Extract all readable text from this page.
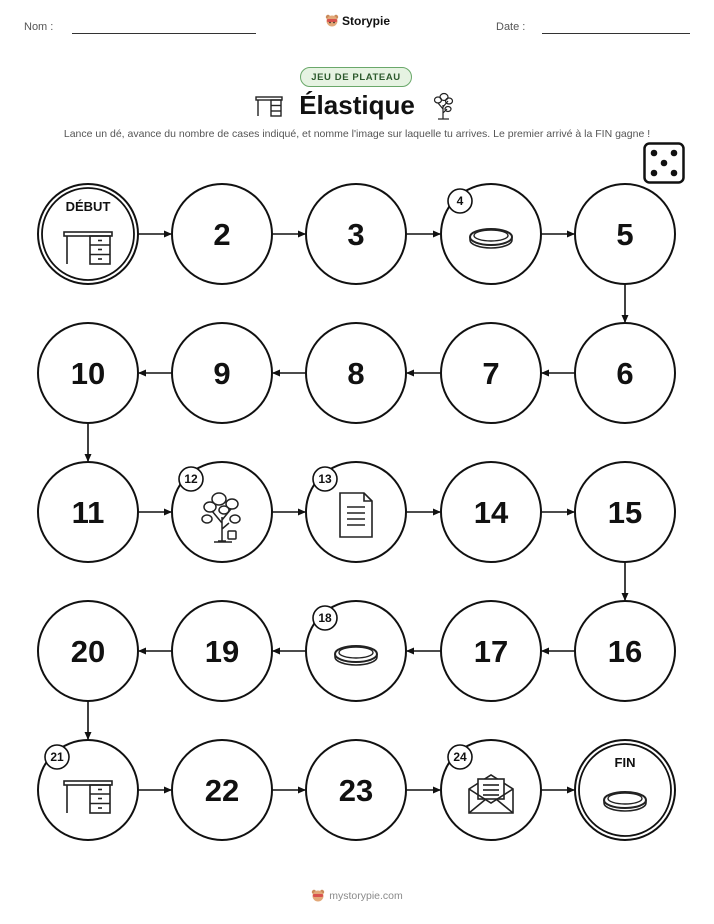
Nom :	Storypie	Date :
JEU DE PLATEAU
Élastique
Lance un dé, avance du nombre de cases indiqué, et nomme l'image sur laquelle tu arrives. Le premier arrivé à la FIN gagne !
DÉBUT
2	3
4
5
6
7
8
9
10
11
12	13
14	15
16
17
18
19
20
21
22	23
24	FIN
mystorypie.com
